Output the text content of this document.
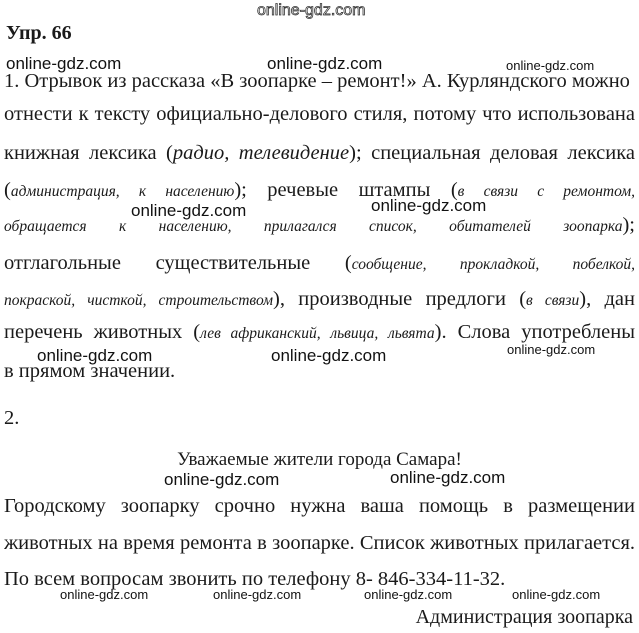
online-gdz.com
Упр. 66
1. Отрывок из рассказа «В зоопарке – ремонт!» А. Курляндского можно
отнести к тексту официально-делового стиля, потому что использована
книжная лексика (радио, телевидение); специальная деловая лексика
(администрация, к населению); речевые штампы (в связи с ремонтом,
обращается к населению, прилагался список, обитателей зоопарка);
отглагольные существительные (сообщение, прокладкой, побелкой,
покраской, чисткой, строительством), производные предлоги (в связи), дан
перечень животных (лев африканский, львица, львята). Слова употреблены
в прямом значении.
2.
Уважаемые жители города Самара!
Городскому зоопарку срочно нужна ваша помощь в размещении
животных на время ремонта в зоопарке. Список животных прилагается.
По всем вопросам звонить по телефону 8- 846-334-11-32.
Администрация зоопарка
online-gdz.com	online-gdz.com	online-gdz.com
online-gdz.com	online-gdz.com
online-gdz.com	online-gdz.com	online-gdz.com
online-gdz.com	online-gdz.com
online-gdz.com	online-gdz.com	online-gdz.com	online-gdz.com
